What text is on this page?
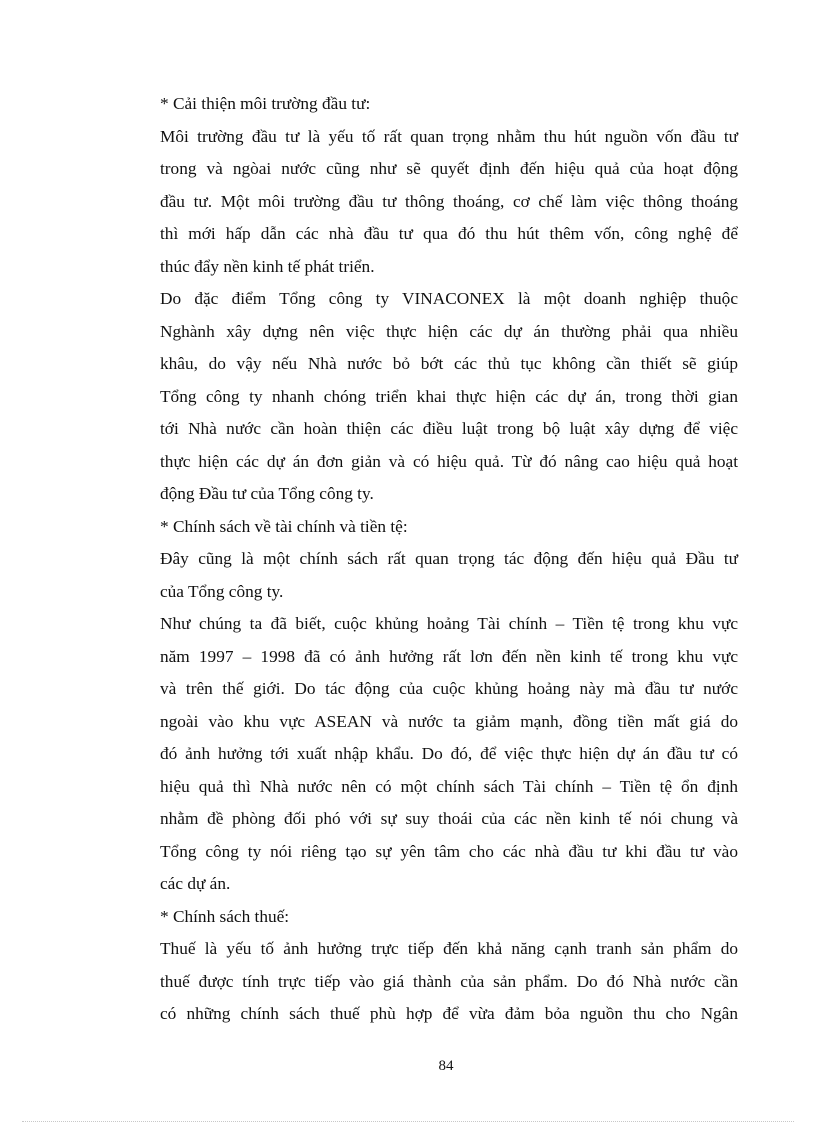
* Cải thiện môi trường đầu tư:
Môi trường đầu tư là yếu tố rất quan trọng nhằm thu hút nguồn vốn đầu tư
trong và ngòai nước cũng như sẽ quyết định đến hiệu quả của hoạt động
đầu tư. Một môi trường đầu tư thông thoáng, cơ chế làm việc thông thoáng
thì mới hấp dẫn các nhà đầu tư qua đó thu hút thêm vốn, công nghệ để
thúc đẩy nền kinh tế phát triển.
Do đặc điểm Tổng công ty VINACONEX là một doanh nghiệp thuộc
Nghành xây dựng nên việc thực hiện các dự án thường phải qua nhiều
khâu, do vậy nếu Nhà nước bỏ bớt các thủ tục không cần thiết sẽ giúp
Tổng công ty nhanh chóng triển khai thực hiện các dự án, trong thời gian
tới Nhà nước cần hoàn thiện các điều luật trong bộ luật xây dựng để việc
thực hiện các dự án đơn giản và có hiệu quả. Từ đó nâng cao hiệu quả hoạt
động Đầu tư của Tổng công ty.
* Chính sách về tài chính và tiền tệ:
Đây cũng là một chính sách rất quan trọng tác động đến hiệu quả Đầu tư
của Tổng công ty.
Như chúng ta đã biết, cuộc khủng hoảng Tài chính – Tiền tệ trong khu vực
năm 1997 – 1998 đã có ảnh hưởng rất lơn đến nền kinh tế trong khu vực
và trên thế giới. Do tác động của cuộc khủng hoảng này mà đầu tư nước
ngoài vào khu vực ASEAN và nước ta giảm mạnh, đồng tiền mất giá do
đó ảnh hưởng tới xuất nhập khẩu. Do đó, để việc thực hiện dự án đầu tư có
hiệu quả thì Nhà nước nên có một chính sách Tài chính – Tiền tệ ổn định
nhằm đề phòng đối phó với sự suy thoái của các nền kinh tế nói chung và
Tổng công ty nói riêng tạo sự yên tâm cho các nhà đầu tư khi đầu tư vào
các dự án.
* Chính sách thuế:
Thuế là yếu tố ảnh hưởng trực tiếp đến khả năng cạnh tranh sản phẩm do
thuế được tính trực tiếp vào giá thành của sản phẩm. Do đó Nhà nước cần
có những chính sách thuế phù hợp để vừa đảm bỏa nguồn thu cho Ngân
84
